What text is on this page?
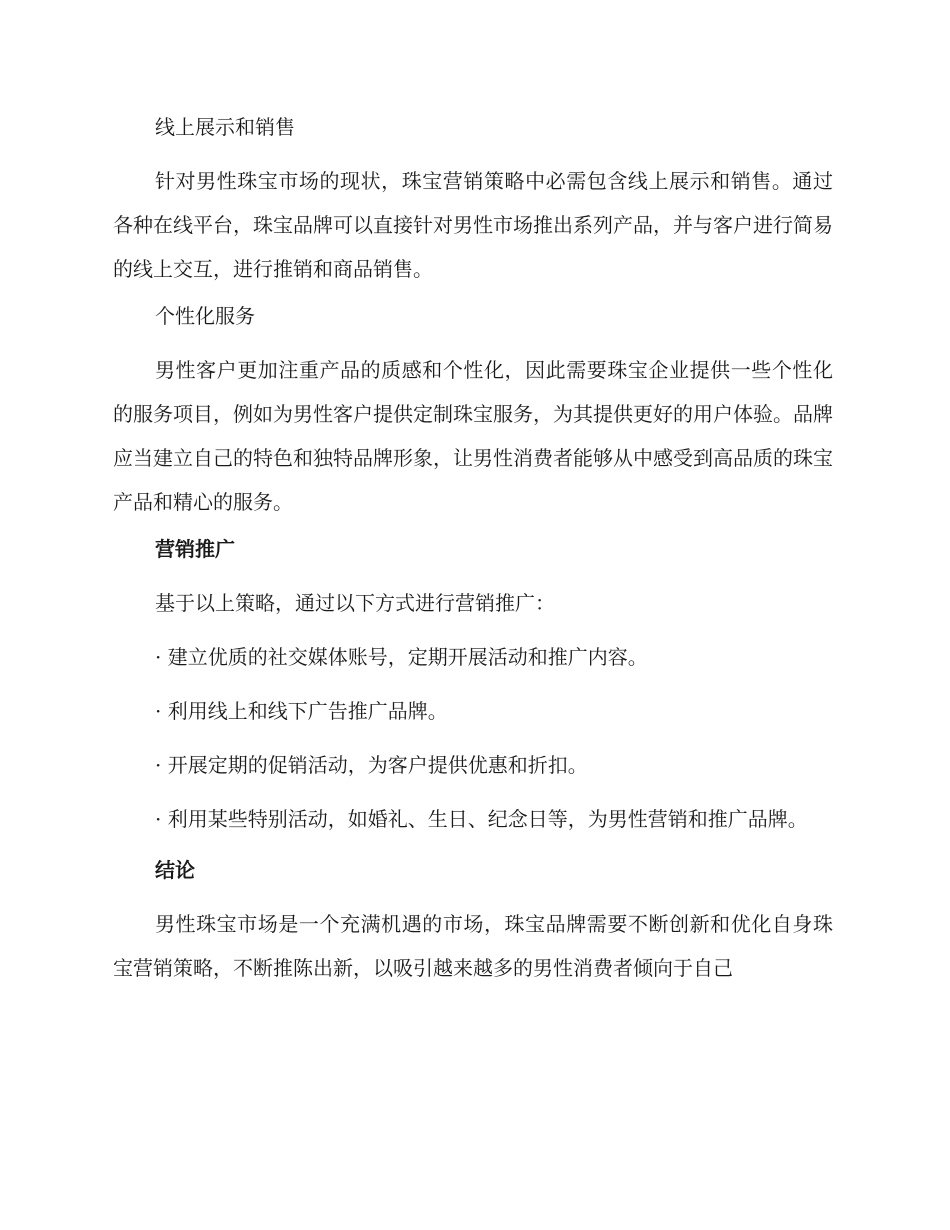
线上展示和销售

针对男性珠宝市场的现状，珠宝营销策略中必需包含线上展示和销售。通过各种在线平台，珠宝品牌可以直接针对男性市场推出系列产品，并与客户进行简易的线上交互，进行推销和商品销售。

个性化服务

男性客户更加注重产品的质感和个性化，因此需要珠宝企业提供一些个性化的服务项目，例如为男性客户提供定制珠宝服务，为其提供更好的用户体验。品牌应当建立自己的特色和独特品牌形象，让男性消费者能够从中感受到高品质的珠宝产品和精心的服务。

营销推广

基于以上策略，通过以下方式进行营销推广：

· 建立优质的社交媒体账号，定期开展活动和推广内容。

· 利用线上和线下广告推广品牌。

· 开展定期的促销活动，为客户提供优惠和折扣。

· 利用某些特别活动，如婚礼、生日、纪念日等，为男性营销和推广品牌。

结论

男性珠宝市场是一个充满机遇的市场，珠宝品牌需要不断创新和优化自身珠宝营销策略，不断推陈出新，以吸引越来越多的男性消费者倾向于自己
